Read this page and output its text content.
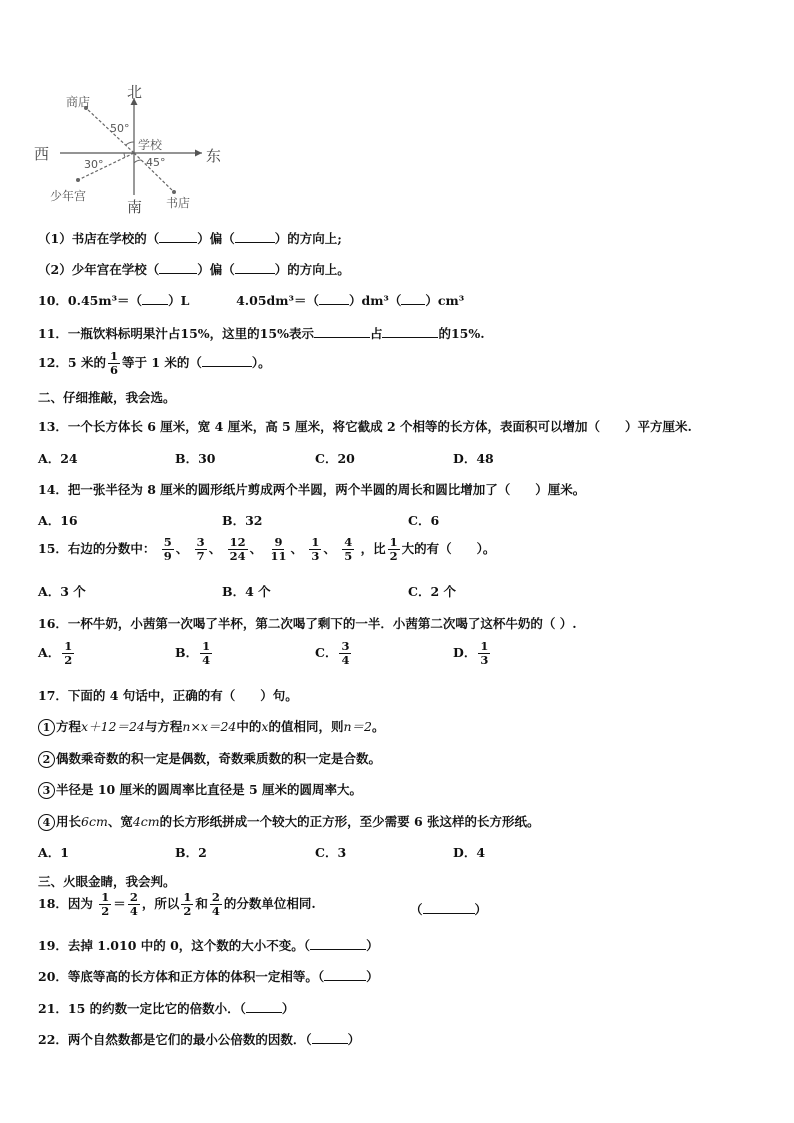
北
南
西	东
学校
商店
少年宫	书店
50°
30°	45°
（1）书店在学校的（	）偏（	）的方向上;
（2）少年宫在学校（	）偏（	）的方向上。
10．0.45m³＝（ ）L	4.05dm³＝（ ）dm³（ ）cm³
11．一瓶饮料标明果汁占15%，这里的15%表示	占	的15%.
12．5 米的 $\frac{1}{6}$ 等于 1 米的（	）。
二、仔细推敲，我会选。
13．一个长方体长 6 厘米，宽 4 厘米，高 5 厘米，将它截成 2 个相等的长方体，表面积可以增加（　　）平方厘米.
A．24	B．30	C．20	D．48
14．把一张半径为 8 厘米的圆形纸片剪成两个半圆，两个半圆的周长和圆比增加了（　　）厘米。
A．16	B．32	C．6
15．右边的分数中： $\frac{5}{9}$ 、 $\frac{3}{7}$ 、 $\frac{12}{24}$ 、 $\frac{9}{11}$ 、 $\frac{1}{3}$ 、 $\frac{4}{5}$ ，比 $\frac{1}{2}$ 大的有（　　）。
A．3 个	B．4 个	C．2 个
16．一杯牛奶，小茜第一次喝了半杯，第二次喝了剩下的一半．小茜第二次喝了这杯牛奶的（ ）.
A． $\frac{1}{2}$	B． $\frac{1}{4}$	C． $\frac{3}{4}$	D． $\frac{1}{3}$
17．下面的 4 句话中，正确的有（　　）句。
1 方程x＋12＝24与方程n×x＝24中的x的值相同，则n＝2。
2 偶数乘奇数的积一定是偶数，奇数乘质数的积一定是合数。
3 半径是 10 厘米的圆周率比直径是 5 厘米的圆周率大。
4 用长6cm、宽4cm的长方形纸拼成一个较大的正方形，至少需要 6 张这样的长方形纸。
A．1	B．2	C．3	D．4
三、火眼金睛，我会判。
18．因为 $\frac{1}{2} = \frac{2}{4}$ ，所以 $\frac{1}{2}$ 和 $\frac{2}{4}$ 的分数单位相同.	（	）
19．去掉 1.010 中的 0，这个数的大小不变。（	）
20．等底等高的长方体和正方体的体积一定相等。（	）
21．15 的约数一定比它的倍数小．（	）
22．两个自然数都是它们的最小公倍数的因数．（	）
